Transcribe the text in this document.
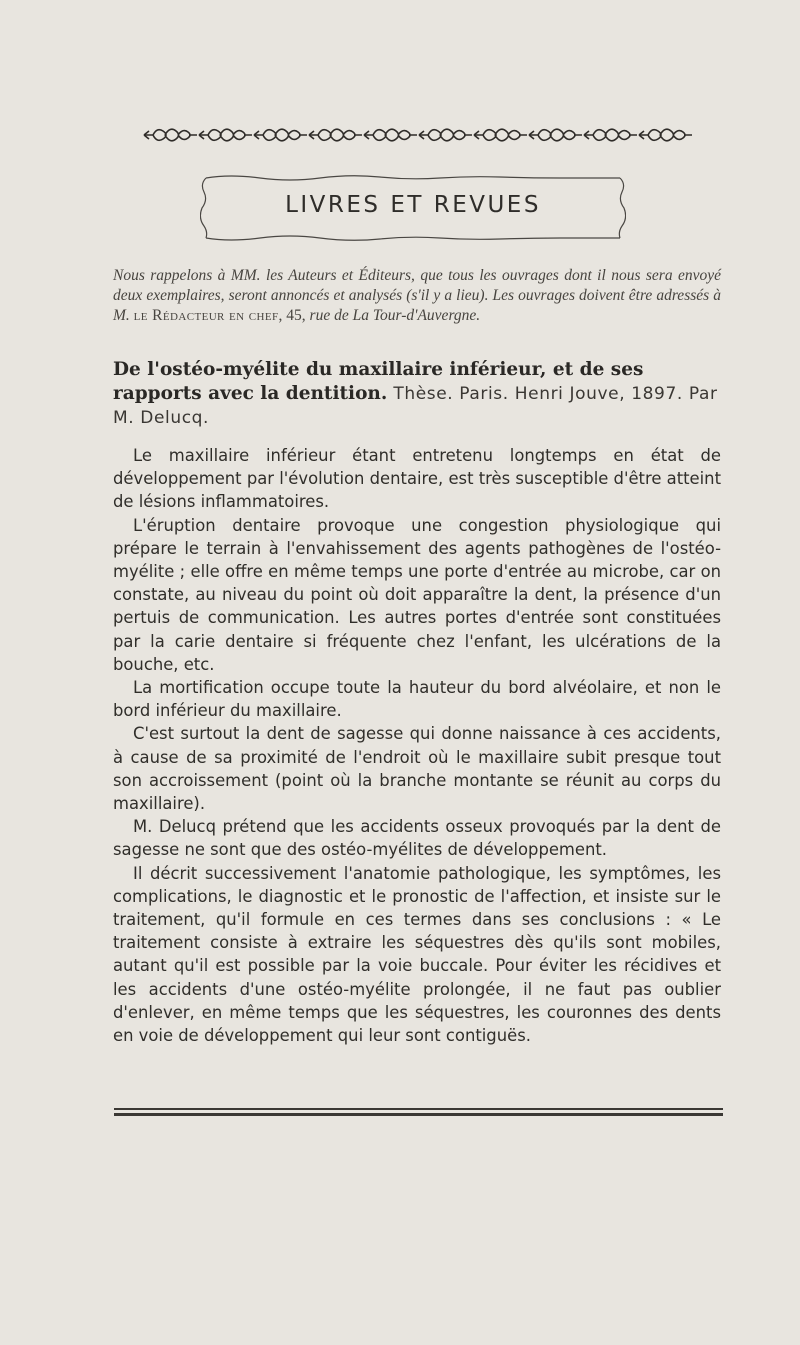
LIVRES ET REVUES
Nous rappelons à MM. les Auteurs et Éditeurs, que tous les ouvrages dont il nous sera envoyé deux exemplaires, seront annoncés et analysés (s'il y a lieu). Les ouvrages doivent être adressés à M. le Rédacteur en chef, 45, rue de La Tour-d'Auvergne.
De l'ostéo-myélite du maxillaire inférieur, et de ses rapports avec la dentition. Thèse. Paris. Henri Jouve, 1897. Par M. Delucq.

Le maxillaire inférieur étant entretenu longtemps en état de développement par l'évolution dentaire, est très susceptible d'être atteint de lésions inflammatoires.

L'éruption dentaire provoque une congestion physiologique qui prépare le terrain à l'envahissement des agents pathogènes de l'ostéo-myélite ; elle offre en même temps une porte d'entrée au microbe, car on constate, au niveau du point où doit apparaître la dent, la présence d'un pertuis de communication. Les autres portes d'entrée sont constituées par la carie dentaire si fréquente chez l'enfant, les ulcérations de la bouche, etc.

La mortification occupe toute la hauteur du bord alvéolaire, et non le bord inférieur du maxillaire.

C'est surtout la dent de sagesse qui donne naissance à ces accidents, à cause de sa proximité de l'endroit où le maxillaire subit presque tout son accroissement (point où la branche montante se réunit au corps du maxillaire).

M. Delucq prétend que les accidents osseux provoqués par la dent de sagesse ne sont que des ostéo-myélites de développement.

Il décrit successivement l'anatomie pathologique, les symptômes, les complications, le diagnostic et le pronostic de l'affection, et insiste sur le traitement, qu'il formule en ces termes dans ses conclusions : « Le traitement consiste à extraire les séquestres dès qu'ils sont mobiles, autant qu'il est possible par la voie buccale. Pour éviter les récidives et les accidents d'une ostéo-myélite prolongée, il ne faut pas oublier d'enlever, en même temps que les séquestres, les couronnes des dents en voie de développement qui leur sont contiguës.
